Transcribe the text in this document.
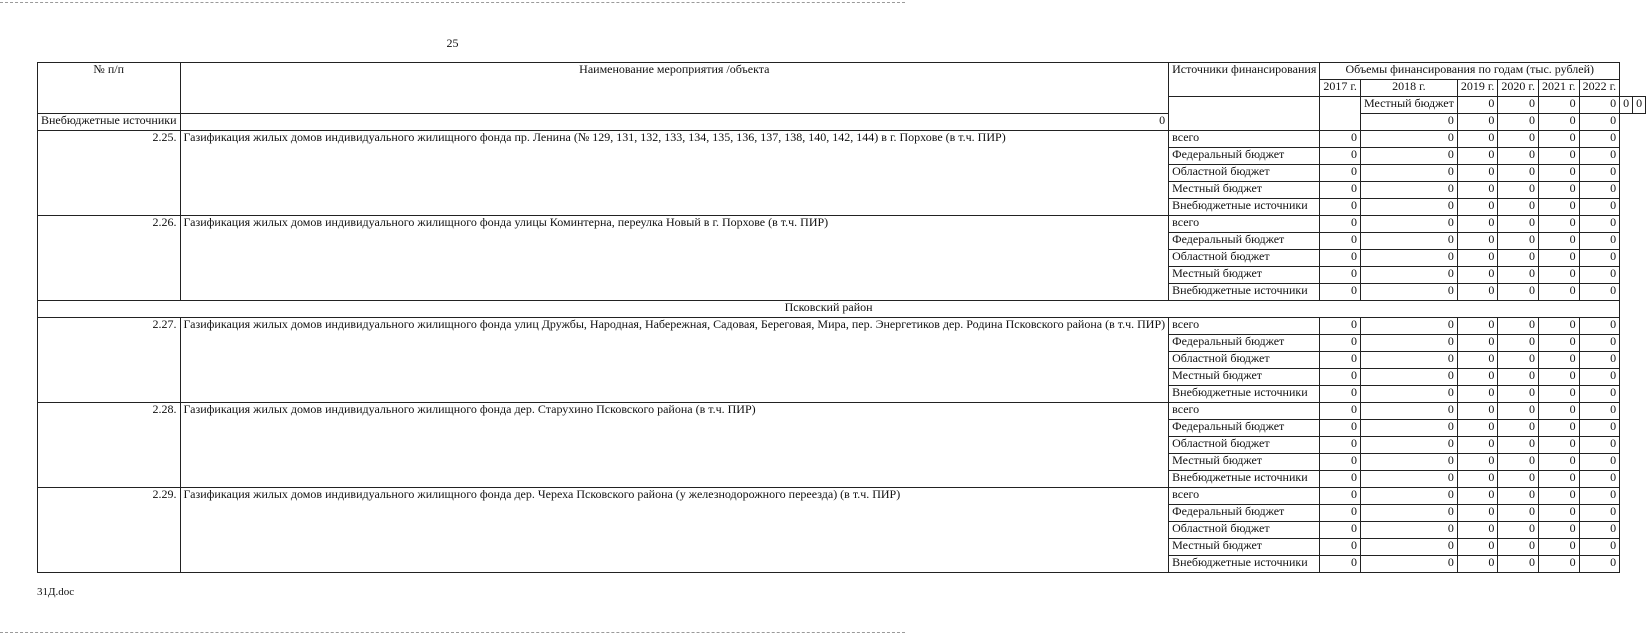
25
№ п/п	Наименование мероприятия /объекта	Источники финансирования	Объемы финансирования по годам (тыс. рублей)							
			2017 г.	2018 г.	2019 г.	2020 г.	2021 г.	2022 г.		
				Местный бюджет	0	0	0	0	0	0
Внебюджетные источники	0			0	0	0	0	0		
2.25.	Газификация жилых домов индивидуального жилищного фонда пр. Ленина (№ 129, 131, 132, 133, 134, 135, 136, 137, 138, 140, 142, 144) в г. Порхове (в т.ч. ПИР)	всего	0	0	0	0	0	0		
		Федеральный бюджет	0	0	0	0	0	0		
		Областной бюджет	0	0	0	0	0	0		
		Местный бюджет	0	0	0	0	0	0		
		Внебюджетные источники	0	0	0	0	0	0		
2.26.	Газификация жилых домов индивидуального жилищного фонда улицы Коминтерна, переулка Новый в г. Порхове (в т.ч. ПИР)	всего	0	0	0	0	0	0		
		Федеральный бюджет	0	0	0	0	0	0		
		Областной бюджет	0	0	0	0	0	0		
		Местный бюджет	0	0	0	0	0	0		
		Внебюджетные источники	0	0	0	0	0	0		
Псковский район										
2.27.	Газификация жилых домов индивидуального жилищного фонда улиц Дружбы, Народная, Набережная, Садовая, Береговая, Мира, пер. Энергетиков дер. Родина Псковского района (в т.ч. ПИР)	всего	0	0	0	0	0	0		
		Федеральный бюджет	0	0	0	0	0	0		
		Областной бюджет	0	0	0	0	0	0		
		Местный бюджет	0	0	0	0	0	0		
		Внебюджетные источники	0	0	0	0	0	0		
2.28.	Газификация жилых домов индивидуального жилищного фонда дер. Старухино Псковского района (в т.ч. ПИР)	всего	0	0	0	0	0	0		
		Федеральный бюджет	0	0	0	0	0	0		
		Областной бюджет	0	0	0	0	0	0		
		Местный бюджет	0	0	0	0	0	0		
		Внебюджетные источники	0	0	0	0	0	0		
2.29.	Газификация жилых домов индивидуального жилищного фонда дер. Череха Псковского района (у железнодорожного переезда) (в т.ч. ПИР)	всего	0	0	0	0	0	0		
		Федеральный бюджет	0	0	0	0	0	0		
		Областной бюджет	0	0	0	0	0	0		
		Местный бюджет	0	0	0	0	0	0		
		Внебюджетные источники	0	0	0	0	0	0		
31Д.doc
